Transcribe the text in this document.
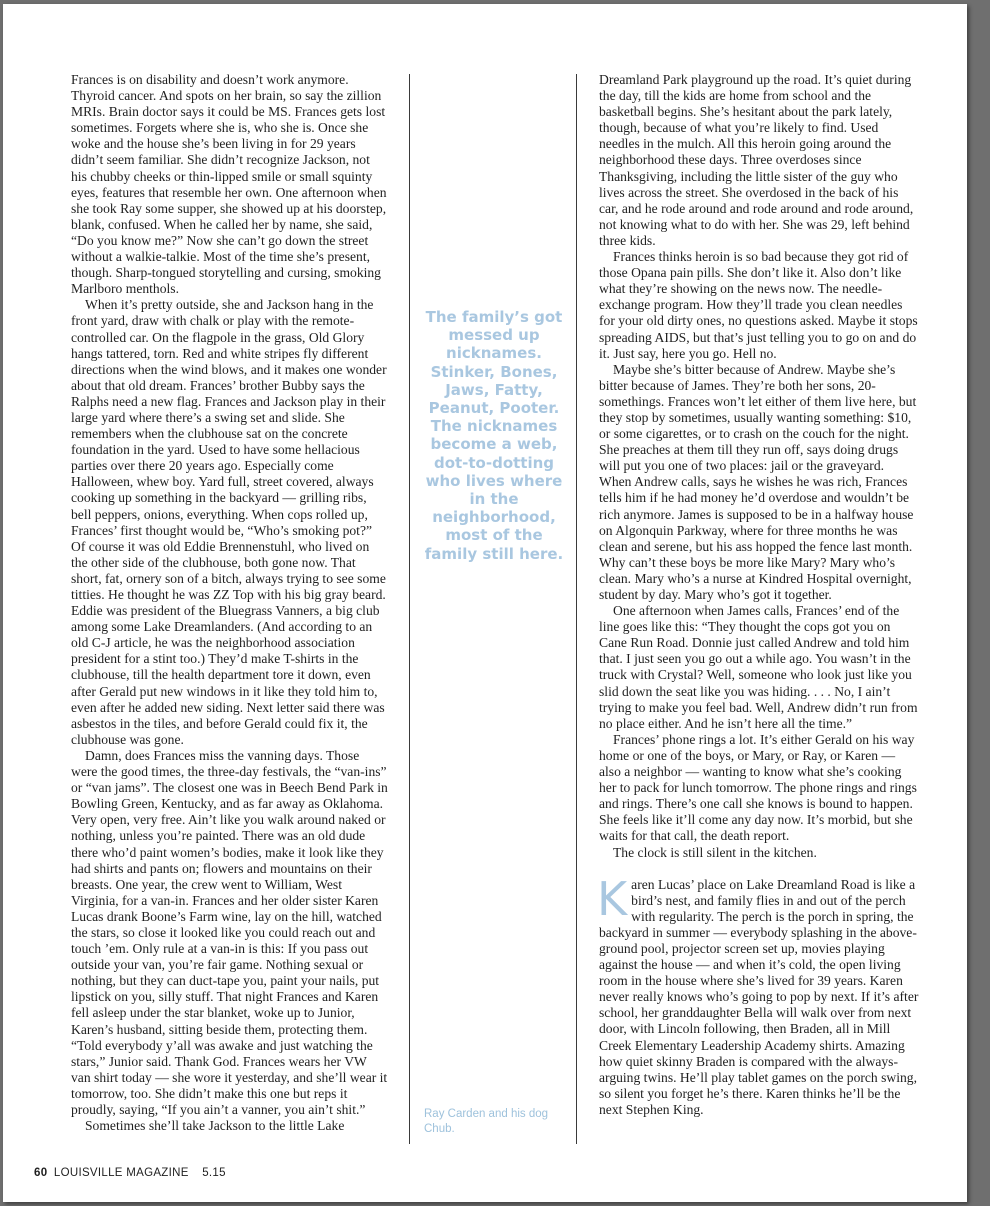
Frances is on disability and doesn’t work anymore. Thyroid cancer. And spots on her brain, so say the zillion MRIs. Brain doctor says it could be MS. Frances gets lost sometimes. Forgets where she is, who she is. Once she woke and the house she’s been living in for 29 years didn’t seem familiar. She didn’t recognize Jackson, not his chubby cheeks or thin-lipped smile or small squinty eyes, features that resemble her own. One afternoon when she took Ray some supper, she showed up at his doorstep, blank, confused. When he called her by name, she said, “Do you know me?” Now she can’t go down the street without a walkie-talkie. Most of the time she’s present, though. Sharp-tongued storytelling and cursing, smoking Marlboro menthols.

When it’s pretty outside, she and Jackson hang in the front yard, draw with chalk or play with the remote-controlled car. On the flagpole in the grass, Old Glory hangs tattered, torn. Red and white stripes fly different directions when the wind blows, and it makes one wonder about that old dream. Frances’ brother Bubby says the Ralphs need a new flag. Frances and Jackson play in their large yard where there’s a swing set and slide. She remembers when the clubhouse sat on the concrete foundation in the yard. Used to have some hellacious parties over there 20 years ago. Especially come Halloween, whew boy. Yard full, street covered, always cooking up something in the backyard — grilling ribs, bell peppers, onions, everything. When cops rolled up, Frances’ first thought would be, “Who’s smoking pot?” Of course it was old Eddie Brennenstuhl, who lived on the other side of the clubhouse, both gone now. That short, fat, ornery son of a bitch, always trying to see some titties. He thought he was ZZ Top with his big gray beard. Eddie was president of the Bluegrass Vanners, a big club among some Lake Dreamlanders. (And according to an old C-J article, he was the neighborhood association president for a stint too.) They’d make T-shirts in the clubhouse, till the health department tore it down, even after Gerald put new windows in it like they told him to, even after he added new siding. Next letter said there was asbestos in the tiles, and before Gerald could fix it, the clubhouse was gone.

Damn, does Frances miss the vanning days. Those were the good times, the three-day festivals, the “van-ins” or “van jams”. The closest one was in Beech Bend Park in Bowling Green, Kentucky, and as far away as Oklahoma. Very open, very free. Ain’t like you walk around naked or nothing, unless you’re painted. There was an old dude there who’d paint women’s bodies, make it look like they had shirts and pants on; flowers and mountains on their breasts. One year, the crew went to William, West Virginia, for a van-in. Frances and her older sister Karen Lucas drank Boone’s Farm wine, lay on the hill, watched the stars, so close it looked like you could reach out and touch ’em. Only rule at a van-in is this: If you pass out outside your van, you’re fair game. Nothing sexual or nothing, but they can duct-tape you, paint your nails, put lipstick on you, silly stuff. That night Frances and Karen fell asleep under the star blanket, woke up to Junior, Karen’s husband, sitting beside them, protecting them. “Told everybody y’all was awake and just watching the stars,” Junior said. Thank God. Frances wears her VW van shirt today — she wore it yesterday, and she’ll wear it tomorrow, too. She didn’t make this one but reps it proudly, saying, “If you ain’t a vanner, you ain’t shit.”

Sometimes she’ll take Jackson to the little Lake

The family’s got messed up nicknames. Stinker, Bones, Jaws, Fatty, Peanut, Pooter. The nicknames become a web, dot-to-dotting who lives where in the neighborhood, most of the family still here.
Ray Carden and his dog Chub.

Dreamland Park playground up the road. It’s quiet during the day, till the kids are home from school and the basketball begins. She’s hesitant about the park lately, though, because of what you’re likely to find. Used needles in the mulch. All this heroin going around the neighborhood these days. Three overdoses since Thanksgiving, including the little sister of the guy who lives across the street. She overdosed in the back of his car, and he rode around and rode around and rode around, not knowing what to do with her. She was 29, left behind three kids.

Frances thinks heroin is so bad because they got rid of those Opana pain pills. She don’t like it. Also don’t like what they’re showing on the news now. The needle-exchange program. How they’ll trade you clean needles for your old dirty ones, no questions asked. Maybe it stops spreading AIDS, but that’s just telling you to go on and do it. Just say, here you go. Hell no.

Maybe she’s bitter because of Andrew. Maybe she’s bitter because of James. They’re both her sons, 20-somethings. Frances won’t let either of them live here, but they stop by sometimes, usually wanting something: $10, or some cigarettes, or to crash on the couch for the night. She preaches at them till they run off, says doing drugs will put you one of two places: jail or the graveyard. When Andrew calls, says he wishes he was rich, Frances tells him if he had money he’d overdose and wouldn’t be rich anymore. James is supposed to be in a halfway house on Algonquin Parkway, where for three months he was clean and serene, but his ass hopped the fence last month. Why can’t these boys be more like Mary? Mary who’s clean. Mary who’s a nurse at Kindred Hospital overnight, student by day. Mary who’s got it together.

One afternoon when James calls, Frances’ end of the line goes like this: “They thought the cops got you on Cane Run Road. Donnie just called Andrew and told him that. I just seen you go out a while ago. You wasn’t in the truck with Crystal? Well, someone who look just like you slid down the seat like you was hiding. . . . No, I ain’t trying to make you feel bad. Well, Andrew didn’t run from no place either. And he isn’t here all the time.”

Frances’ phone rings a lot. It’s either Gerald on his way home or one of the boys, or Mary, or Ray, or Karen — also a neighbor — wanting to know what she’s cooking her to pack for lunch tomorrow. The phone rings and rings and rings. There’s one call she knows is bound to happen. She feels like it’ll come any day now. It’s morbid, but she waits for that call, the death report.

The clock is still silent in the kitchen.

Karen Lucas’ place on Lake Dreamland Road is like a bird’s nest, and family flies in and out of the perch with regularity. The perch is the porch in spring, the backyard in summer — everybody splashing in the above-ground pool, projector screen set up, movies playing against the house — and when it’s cold, the open living room in the house where she’s lived for 39 years. Karen never really knows who’s going to pop by next. If it’s after school, her granddaughter Bella will walk over from next door, with Lincoln following, then Braden, all in Mill Creek Elementary Leadership Academy shirts. Amazing how quiet skinny Braden is compared with the always-arguing twins. He’ll play tablet games on the porch swing, so silent you forget he’s there. Karen thinks he’ll be the next Stephen King.

60 LOUISVILLE MAGAZINE 5.15
